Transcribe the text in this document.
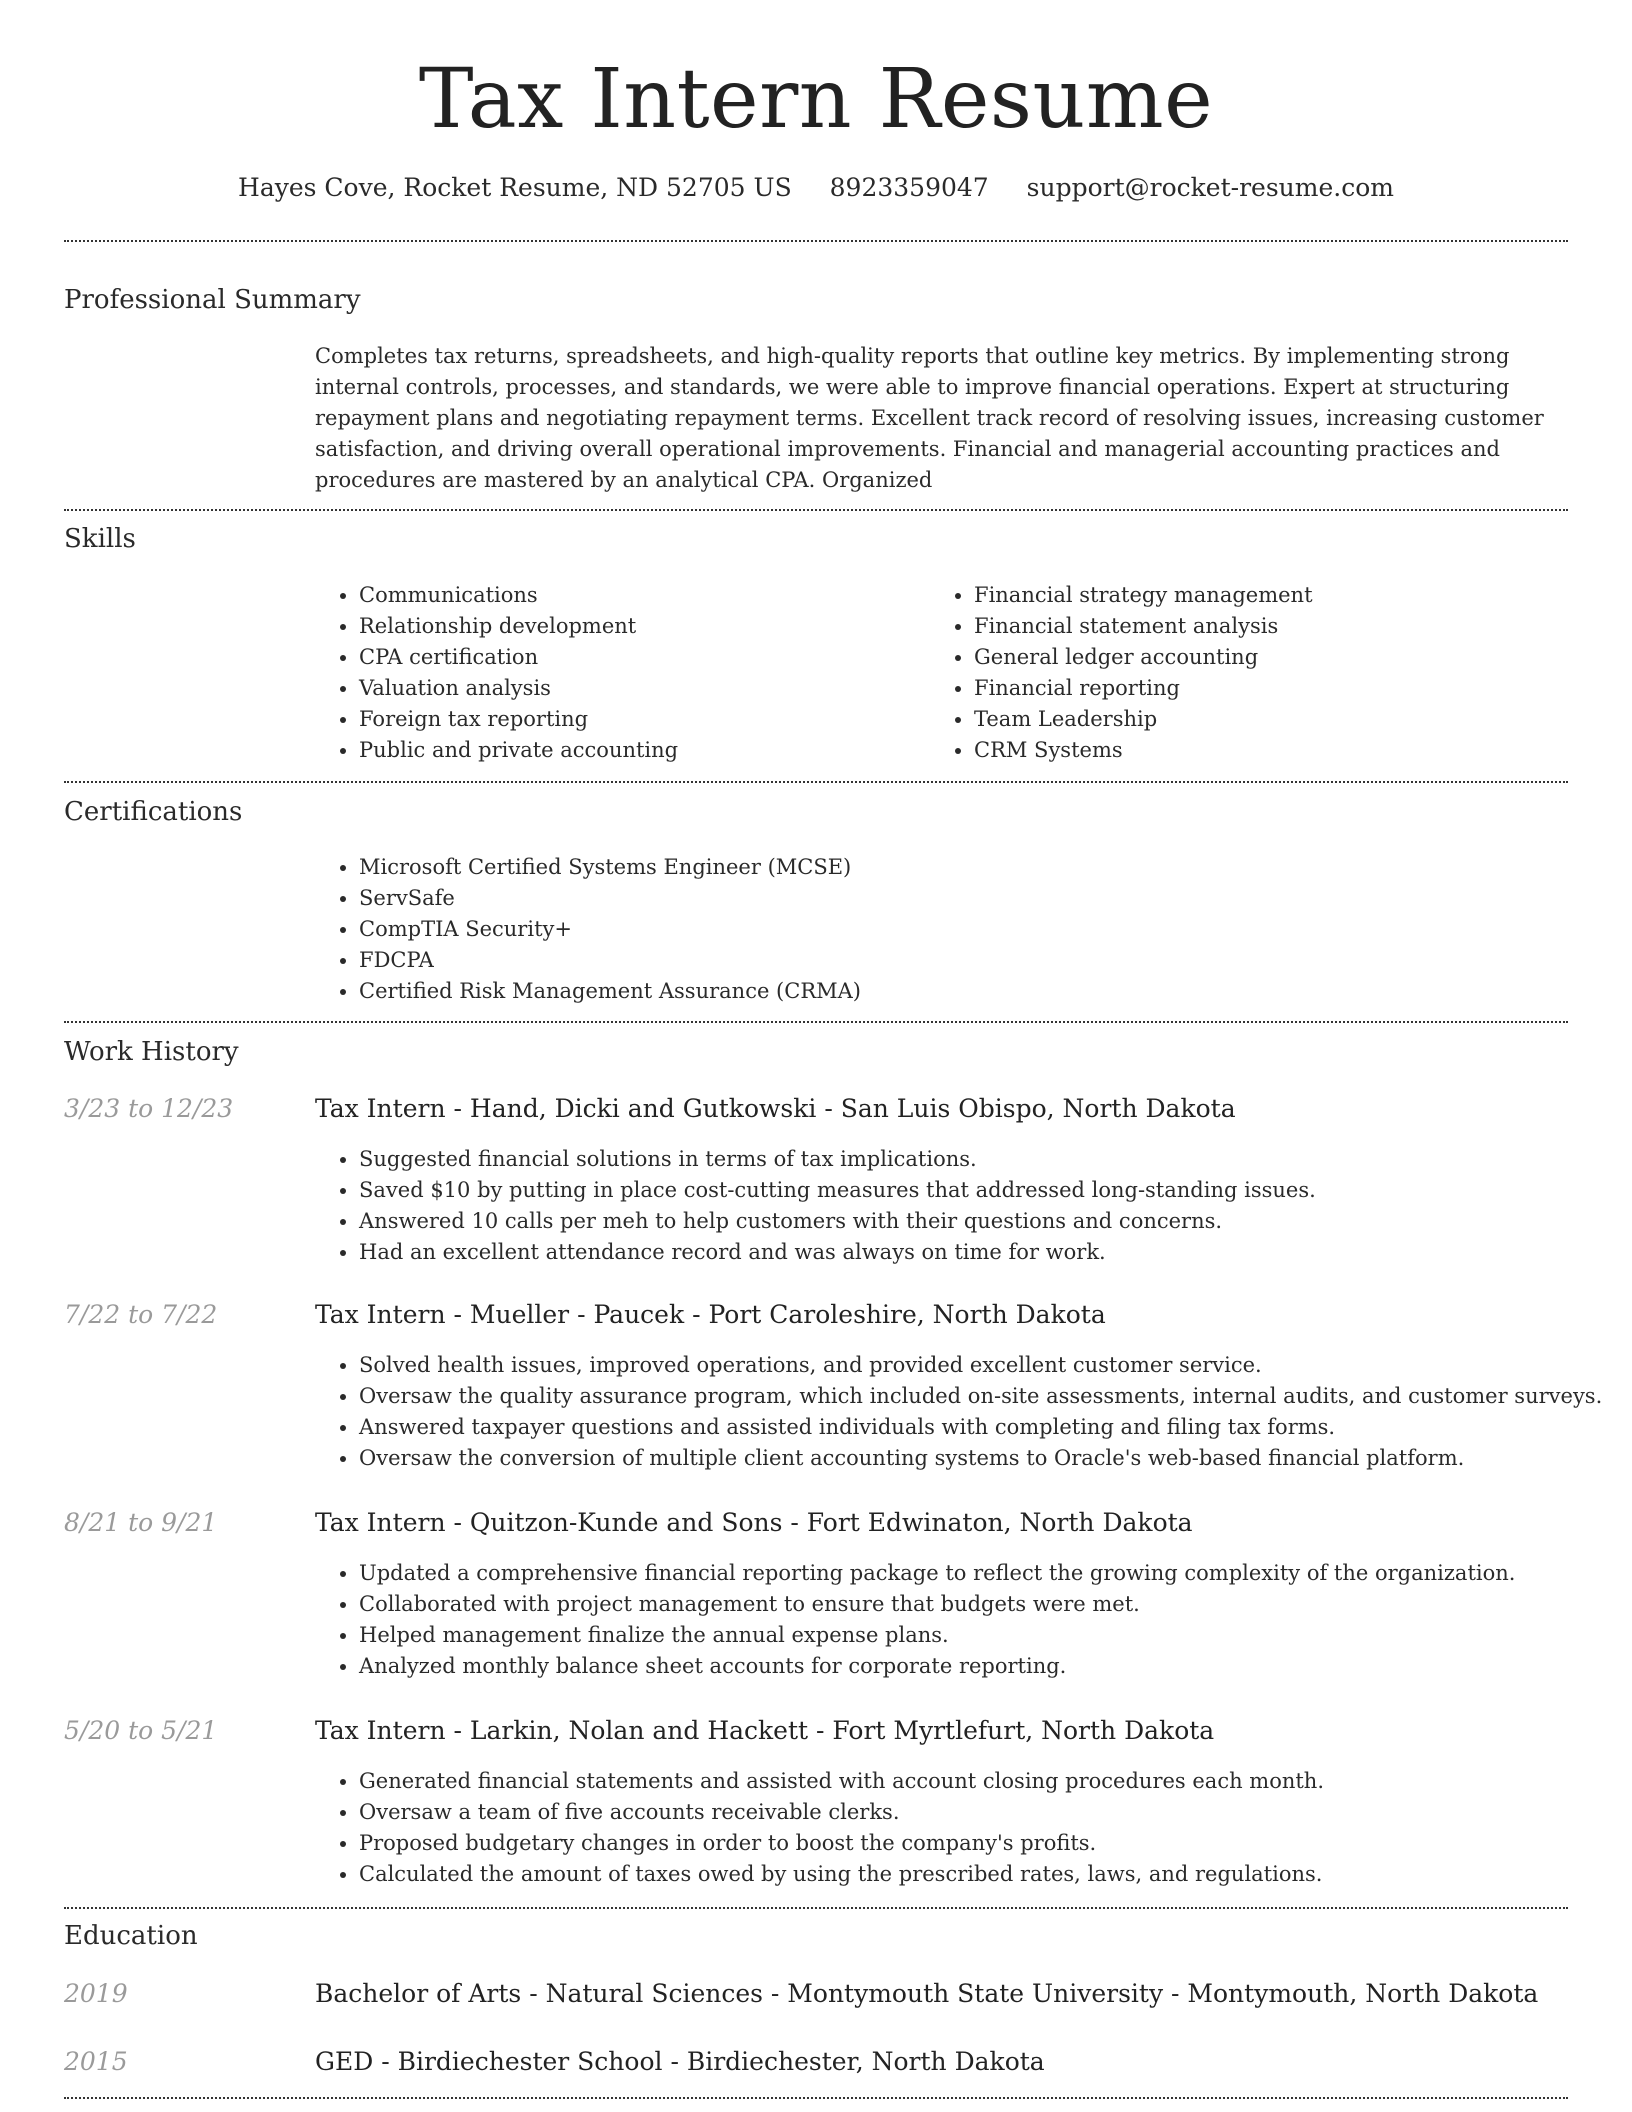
Tax Intern Resume
Hayes Cove, Rocket Resume, ND 52705 US 8923359047 support@rocket-resume.com
Professional Summary

Completes tax returns, spreadsheets, and high-quality reports that outline key metrics. By implementing strong internal controls, processes, and standards, we were able to improve financial operations. Expert at structuring repayment plans and negotiating repayment terms. Excellent track record of resolving issues, increasing customer satisfaction, and driving overall operational improvements. Financial and managerial accounting practices and procedures are mastered by an analytical CPA. Organized

Skills
• Communications
• Relationship development
• CPA certification
• Valuation analysis
• Foreign tax reporting
• Public and private accounting
• Financial strategy management
• Financial statement analysis
• General ledger accounting
• Financial reporting
• Team Leadership
• CRM Systems
Certifications
• Microsoft Certified Systems Engineer (MCSE)
• ServSafe
• CompTIA Security+
• FDCPA
• Certified Risk Management Assurance (CRMA)
Work History
3/23 to 12/23	Tax Intern - Hand, Dicki and Gutkowski - San Luis Obispo, North Dakota
• Suggested financial solutions in terms of tax implications.
• Saved $10 by putting in place cost-cutting measures that addressed long-standing issues.
• Answered 10 calls per meh to help customers with their questions and concerns.
• Had an excellent attendance record and was always on time for work.
7/22 to 7/22	Tax Intern - Mueller - Paucek - Port Caroleshire, North Dakota
• Solved health issues, improved operations, and provided excellent customer service.
• Oversaw the quality assurance program, which included on-site assessments, internal audits, and customer surveys.
• Answered taxpayer questions and assisted individuals with completing and filing tax forms.
• Oversaw the conversion of multiple client accounting systems to Oracle's web-based financial platform.
8/21 to 9/21	Tax Intern - Quitzon-Kunde and Sons - Fort Edwinaton, North Dakota
• Updated a comprehensive financial reporting package to reflect the growing complexity of the organization.
• Collaborated with project management to ensure that budgets were met.
• Helped management finalize the annual expense plans.
• Analyzed monthly balance sheet accounts for corporate reporting.
5/20 to 5/21	Tax Intern - Larkin, Nolan and Hackett - Fort Myrtlefurt, North Dakota
• Generated financial statements and assisted with account closing procedures each month.
• Oversaw a team of five accounts receivable clerks.
• Proposed budgetary changes in order to boost the company's profits.
• Calculated the amount of taxes owed by using the prescribed rates, laws, and regulations.
Education
2019	Bachelor of Arts - Natural Sciences - Montymouth State University - Montymouth, North Dakota
2015	GED - Birdiechester School - Birdiechester, North Dakota
